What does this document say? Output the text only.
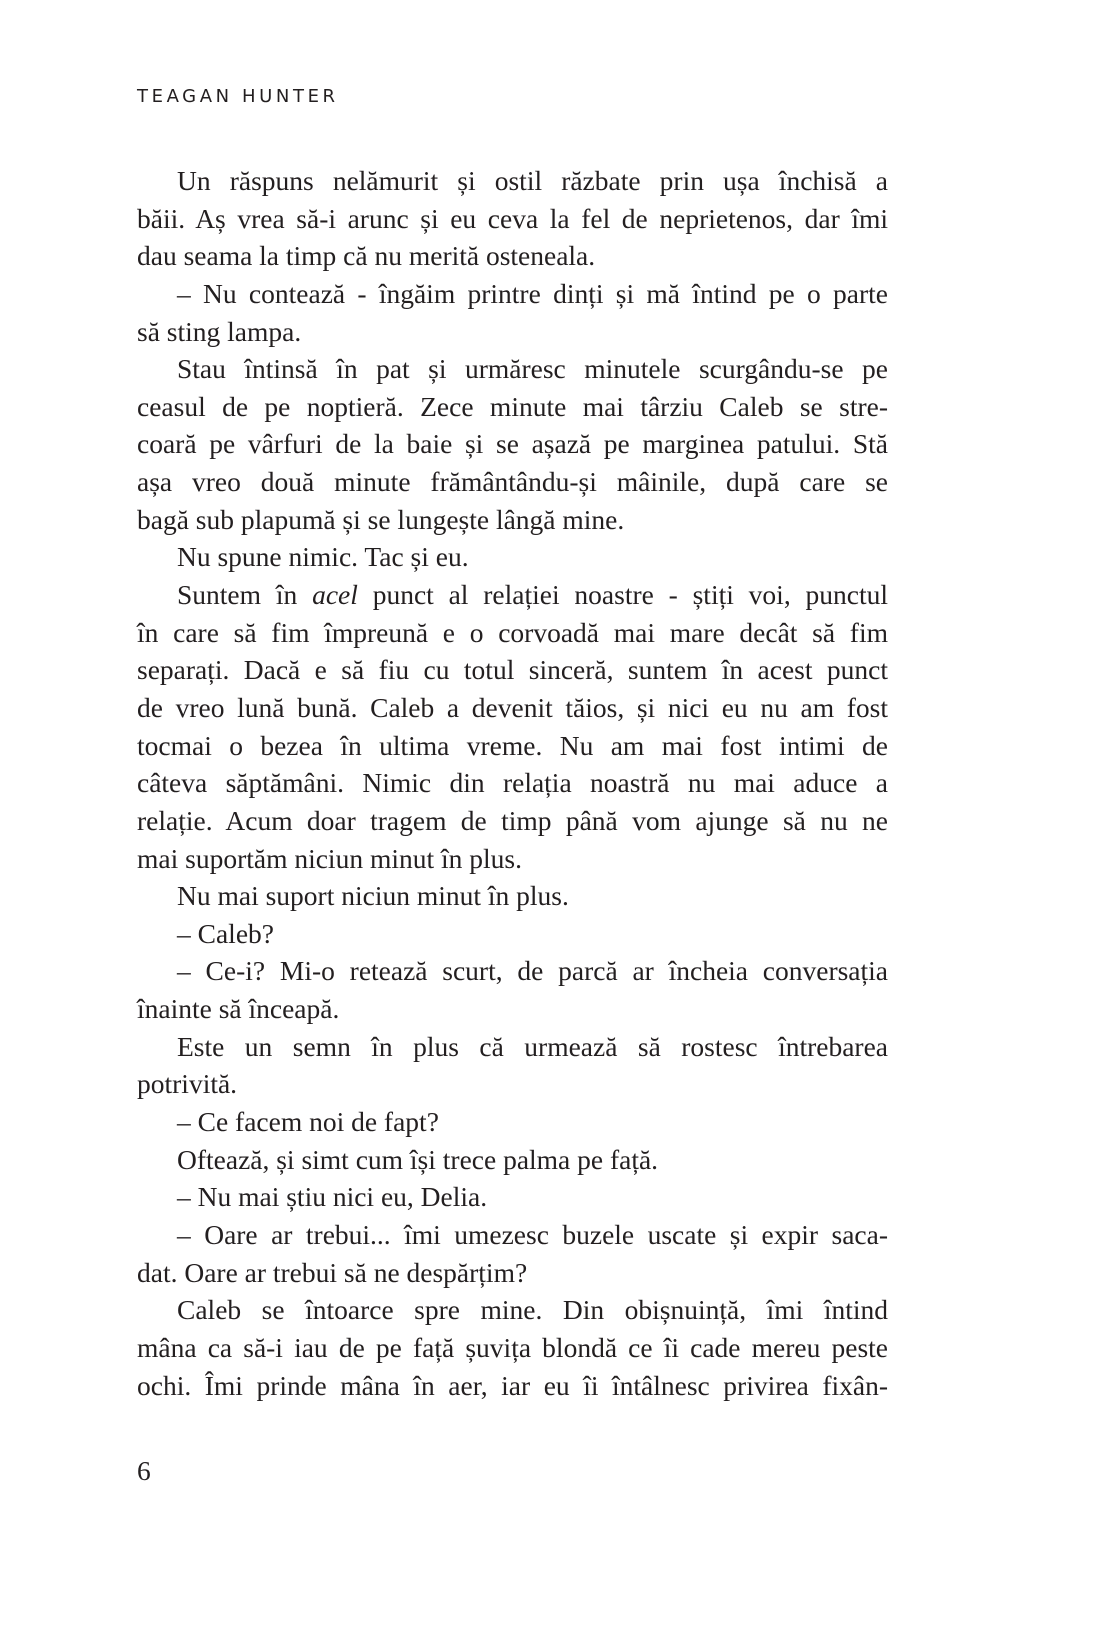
TEAGAN HUNTER
Un răspuns nelămurit și ostil răzbate prin ușa închisă a
băii. Aș vrea să-i arunc și eu ceva la fel de neprietenos, dar îmi
dau seama la timp că nu merită osteneala.
– Nu contează - îngăim printre dinți și mă întind pe o parte
să sting lampa.
Stau întinsă în pat și urmăresc minutele scurgându-se pe
ceasul de pe noptieră. Zece minute mai târziu Caleb se stre-
coară pe vârfuri de la baie și se așază pe marginea patului. Stă
așa vreo două minute frământându-și mâinile, după care se
bagă sub plapumă și se lungește lângă mine.
Nu spune nimic. Tac și eu.
Suntem în acel punct al relației noastre - știți voi, punctul
în care să fim împreună e o corvoadă mai mare decât să fim
separați. Dacă e să fiu cu totul sinceră, suntem în acest punct
de vreo lună bună. Caleb a devenit tăios, și nici eu nu am fost
tocmai o bezea în ultima vreme. Nu am mai fost intimi de
câteva săptămâni. Nimic din relația noastră nu mai aduce a
relație. Acum doar tragem de timp până vom ajunge să nu ne
mai suportăm niciun minut în plus.
Nu mai suport niciun minut în plus.
– Caleb?
– Ce-i? Mi-o retează scurt, de parcă ar încheia conversația
înainte să înceapă.
Este un semn în plus că urmează să rostesc întrebarea
potrivită.
– Ce facem noi de fapt?
Oftează, și simt cum își trece palma pe față.
– Nu mai știu nici eu, Delia.
– Oare ar trebui... îmi umezesc buzele uscate și expir saca-
dat. Oare ar trebui să ne despărțim?
Caleb se întoarce spre mine. Din obișnuință, îmi întind
mâna ca să-i iau de pe față șuvița blondă ce îi cade mereu peste
ochi. Îmi prinde mâna în aer, iar eu îi întâlnesc privirea fixân-
6
